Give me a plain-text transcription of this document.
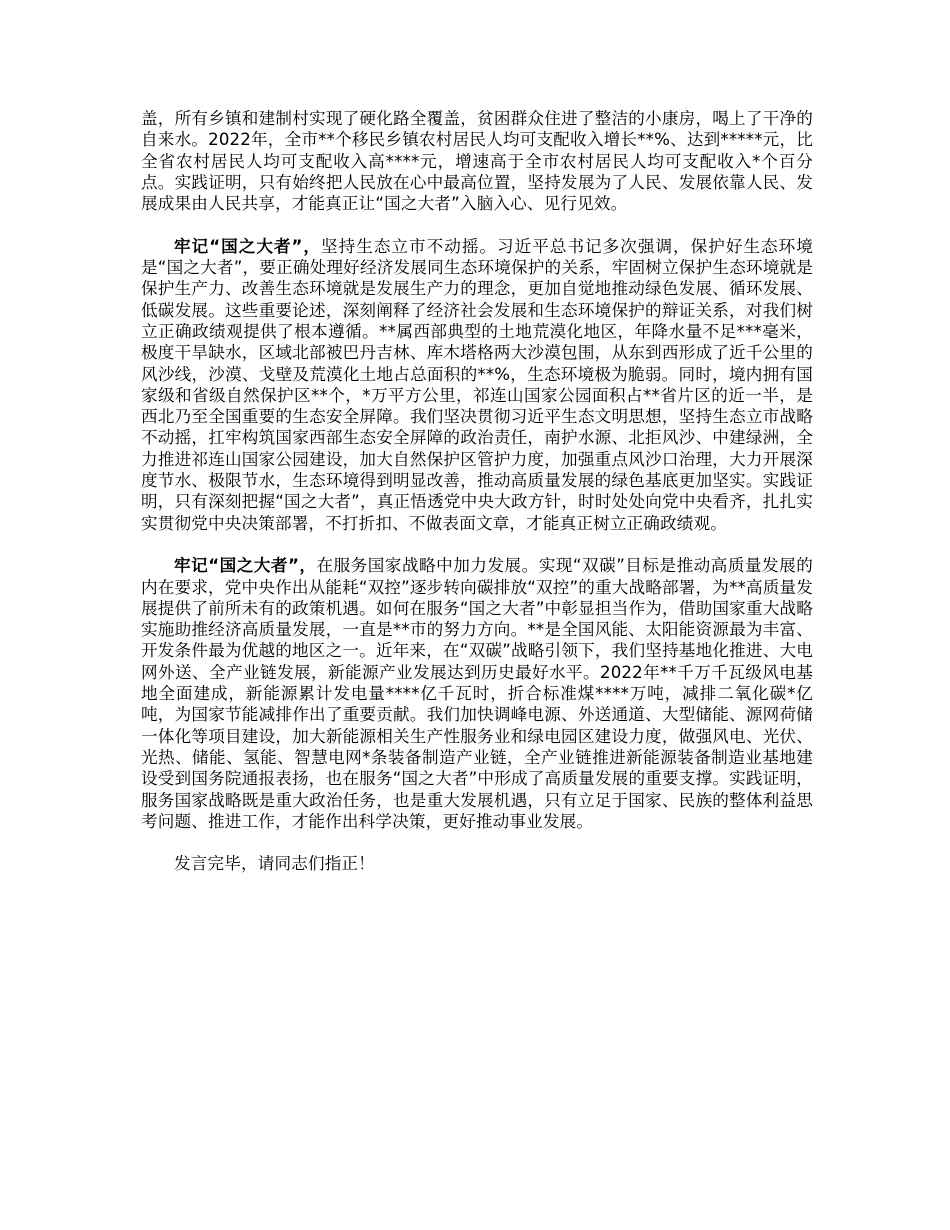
盖，所有乡镇和建制村实现了硬化路全覆盖，贫困群众住进了整洁的小康房，喝上了干净的自来水。2022年，全市**个移民乡镇农村居民人均可支配收入增长**%、达到*****元，比全省农村居民人均可支配收入高****元，增速高于全市农村居民人均可支配收入*个百分点。实践证明，只有始终把人民放在心中最高位置，坚持发展为了人民、发展依靠人民、发展成果由人民共享，才能真正让“国之大者”入脑入心、见行见效。

牢记“国之大者”，坚持生态立市不动摇。习近平总书记多次强调，保护好生态环境是“国之大者”，要正确处理好经济发展同生态环境保护的关系，牢固树立保护生态环境就是保护生产力、改善生态环境就是发展生产力的理念，更加自觉地推动绿色发展、循环发展、低碳发展。这些重要论述，深刻阐释了经济社会发展和生态环境保护的辩证关系，对我们树立正确政绩观提供了根本遵循。**属西部典型的土地荒漠化地区，年降水量不足***毫米，极度干旱缺水，区域北部被巴丹吉林、库木塔格两大沙漠包围，从东到西形成了近千公里的风沙线，沙漠、戈壁及荒漠化土地占总面积的**%，生态环境极为脆弱。同时，境内拥有国家级和省级自然保护区**个，*万平方公里，祁连山国家公园面积占**省片区的近一半，是西北乃至全国重要的生态安全屏障。我们坚决贯彻习近平生态文明思想，坚持生态立市战略不动摇，扛牢构筑国家西部生态安全屏障的政治责任，南护水源、北拒风沙、中建绿洲，全力推进祁连山国家公园建设，加大自然保护区管护力度，加强重点风沙口治理，大力开展深度节水、极限节水，生态环境得到明显改善，推动高质量发展的绿色基底更加坚实。实践证明，只有深刻把握“国之大者”，真正悟透党中央大政方针，时时处处向党中央看齐，扎扎实实贯彻党中央决策部署，不打折扣、不做表面文章，才能真正树立正确政绩观。

牢记“国之大者”，在服务国家战略中加力发展。实现“双碳”目标是推动高质量发展的内在要求，党中央作出从能耗“双控”逐步转向碳排放“双控”的重大战略部署，为**高质量发展提供了前所未有的政策机遇。如何在服务“国之大者”中彰显担当作为，借助国家重大战略实施助推经济高质量发展，一直是**市的努力方向。**是全国风能、太阳能资源最为丰富、开发条件最为优越的地区之一。近年来，在“双碳”战略引领下，我们坚持基地化推进、大电网外送、全产业链发展，新能源产业发展达到历史最好水平。2022年**千万千瓦级风电基地全面建成，新能源累计发电量****亿千瓦时，折合标准煤****万吨，减排二氧化碳*亿吨，为国家节能减排作出了重要贡献。我们加快调峰电源、外送通道、大型储能、源网荷储一体化等项目建设，加大新能源相关生产性服务业和绿电园区建设力度，做强风电、光伏、光热、储能、氢能、智慧电网*条装备制造产业链，全产业链推进新能源装备制造业基地建设受到国务院通报表扬，也在服务“国之大者”中形成了高质量发展的重要支撑。实践证明，服务国家战略既是重大政治任务，也是重大发展机遇，只有立足于国家、民族的整体利益思考问题、推进工作，才能作出科学决策，更好推动事业发展。

发言完毕，请同志们指正！
